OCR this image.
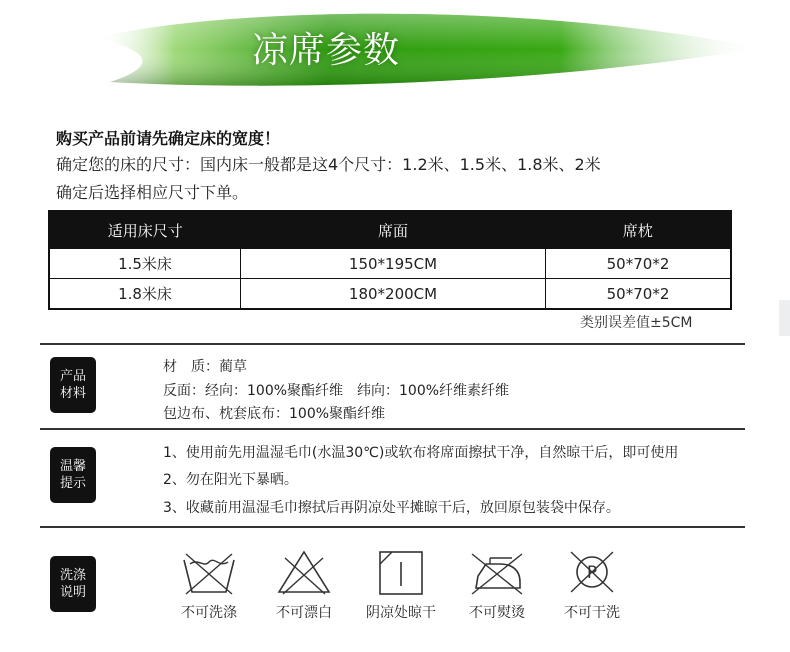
凉席参数
购买产品前请先确定床的宽度！
确定您的床的尺寸：国内床一般都是这4个尺寸：1.2米、1.5米、1.8米、2米
确定后选择相应尺寸下单。
适用床尺寸	席面	席枕
1.5米床	150*195CM	50*70*2
1.8米床	180*200CM	50*70*2
类别误差值±5CM
产品
材料
材　质：蔺草
反面：经向：100%聚酯纤维　纬向：100%纤维素纤维
包边布、枕套底布：100%聚酯纤维
温馨
提示
1、使用前先用温湿毛巾(水温30℃)或软布将席面擦拭干净，自然晾干后，即可使用
2、勿在阳光下暴晒。
3、收藏前用温湿毛巾擦拭后再阴凉处平摊晾干后，放回原包装袋中保存。
洗涤
说明
不可洗涤	不可漂白	阴凉处晾干	不可熨烫
P
不可干洗
